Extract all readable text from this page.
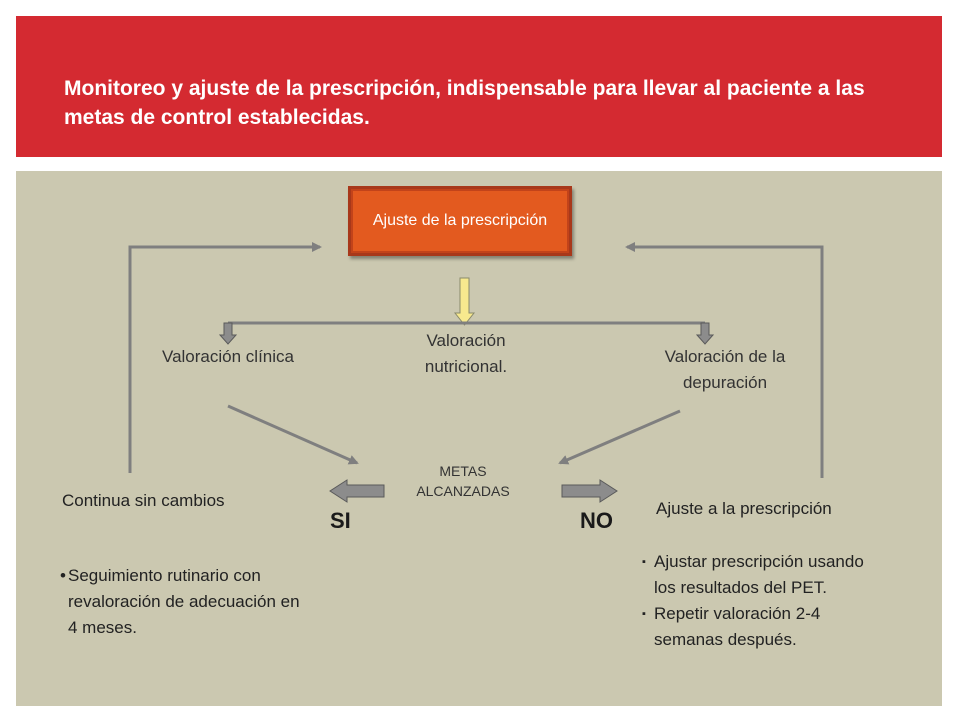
Monitoreo y ajuste de la prescripción, indispensable para llevar al paciente a las metas de control establecidas.
Ajuste de la prescripción
Valoración clínica
Valoración nutricional.
Valoración de la depuración
METAS ALCANZADAS
SI	NO
Continua sin cambios	Ajuste a la prescripción
• Seguimiento rutinario con revaloración de adecuación en 4 meses.
▪ Ajustar prescripción usando los resultados del PET.
▪ Repetir valoración 2-4 semanas después.
